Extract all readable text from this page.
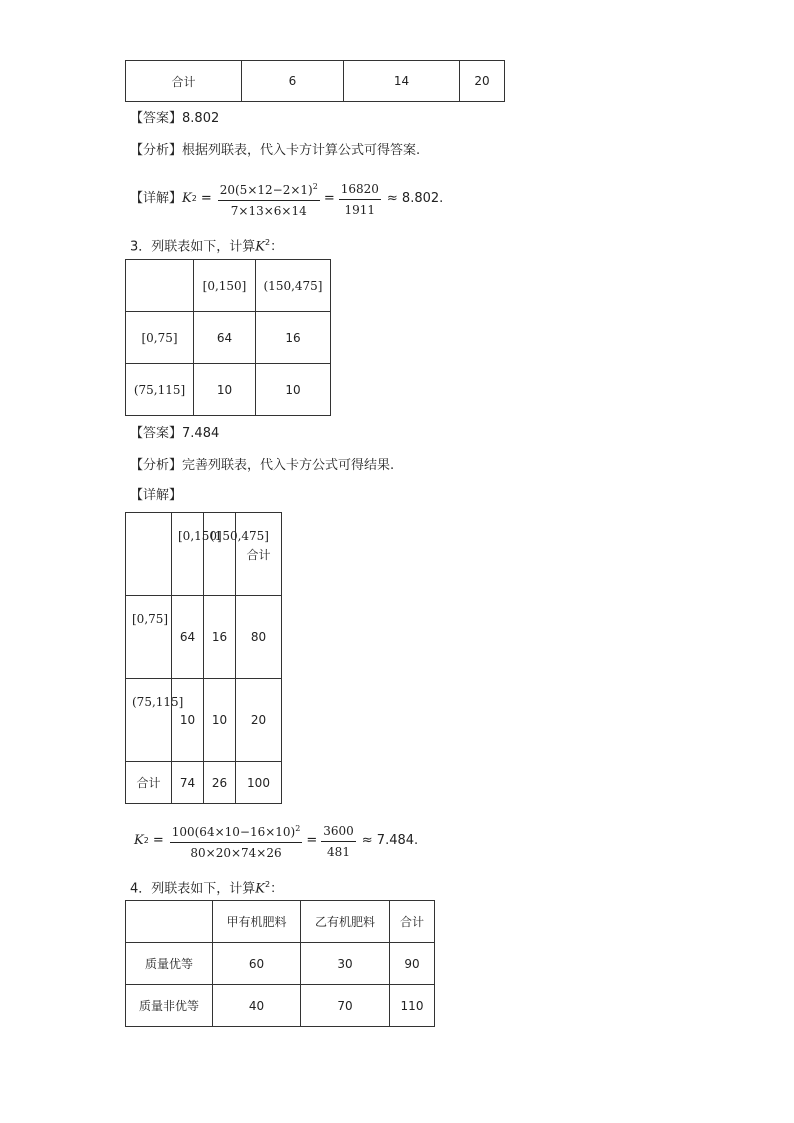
合计	6	14	20
【答案】8.802
【分析】根据列联表，代入卡方计算公式可得答案.
【详解】 K $2 = \frac{20(5\times 12-2\times 1)^2}{7\times 13\times 6\times 14} = \frac{16820}{1911} \approx 8.802$ .
3．列联表如下，计算$K^2$：
	[0,150]	(150,475]
[0,75]	64	16
(75,115]	10	10
【答案】7.484
【分析】完善列联表，代入卡方公式可得结果.
【详解】
	[0,150]	(150,475]	合计
[0,75]	64	16	80
(75,115]	10	10	20
合计	74	26	100
K $2 = \frac{100(64\times 10-16\times 10)^2}{80\times 20\times 74\times 26} = \frac{3600}{481} \approx 7.484$ .
4．列联表如下，计算$K^2$：
	甲有机肥料	乙有机肥料	合计
质量优等	60	30	90
质量非优等	40	70	110
